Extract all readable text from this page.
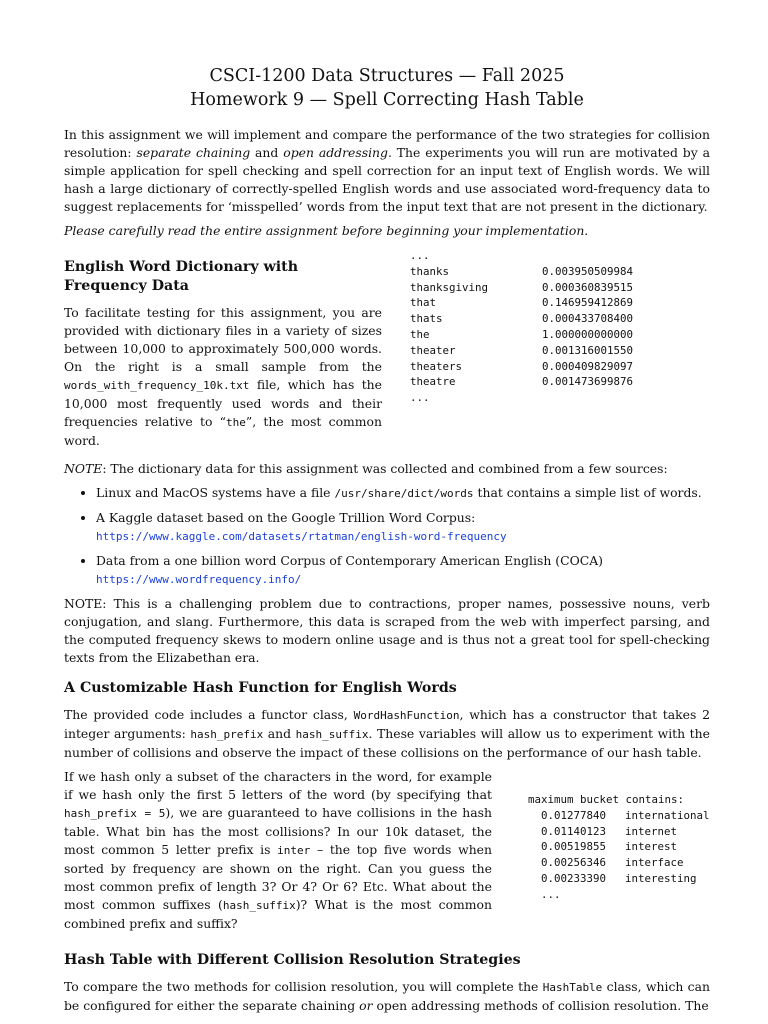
CSCI-1200 Data Structures — Fall 2025
Homework 9 — Spell Correcting Hash Table

In this assignment we will implement and compare the performance of the two strategies for collision resolution: separate chaining and open addressing. The experiments you will run are motivated by a simple application for spell checking and spell correction for an input text of English words. We will hash a large dictionary of correctly-spelled English words and use associated word-frequency data to suggest replacements for ‘misspelled’ words from the input text that are not present in the dictionary.

Please carefully read the entire assignment before beginning your implementation.

English Word Dictionary with Frequency Data

To facilitate testing for this assignment, you are provided with dictionary files in a variety of sizes between 10,000 to approximately 500,000 words. On the right is a small sample from the words_with_frequency_10k.txt file, which has the 10,000 most frequently used words and their frequencies relative to “the”, the most common word.

...
thanks	0.003950509984
thanksgiving	0.000360839515
that	0.146959412869
thats	0.000433708400
the	1.000000000000
theater	0.001316001550
theaters	0.000409829097
theatre	0.001473699876
...

NOTE: The dictionary data for this assignment was collected and combined from a few sources:

• Linux and MacOS systems have a file /usr/share/dict/words that contains a simple list of words.
• A Kaggle dataset based on the Google Trillion Word Corpus:
https://www.kaggle.com/datasets/rtatman/english-word-frequency
• Data from a one billion word Corpus of Contemporary American English (COCA)
https://www.wordfrequency.info/

NOTE: This is a challenging problem due to contractions, proper names, possessive nouns, verb conjugation, and slang. Furthermore, this data is scraped from the web with imperfect parsing, and the computed frequency skews to modern online usage and is thus not a great tool for spell-checking texts from the Elizabethan era.

A Customizable Hash Function for English Words

The provided code includes a functor class, WordHashFunction, which has a constructor that takes 2 integer arguments: hash_prefix and hash_suffix. These variables will allow us to experiment with the number of collisions and observe the impact of these collisions on the performance of our hash table.

If we hash only a subset of the characters in the word, for example if we hash only the first 5 letters of the word (by specifying that hash_prefix = 5), we are guaranteed to have collisions in the hash table. What bin has the most collisions? In our 10k dataset, the most common 5 letter prefix is inter – the top five words when sorted by frequency are shown on the right. Can you guess the most common prefix of length 3? Or 4? Or 6? Etc. What about the most common suffixes (hash_suffix)? What is the most common combined prefix and suffix?

maximum bucket contains:
0.01277840	international
0.01140123	internet
0.00519855	interest
0.00256346	interface
0.00233390	interesting
...
Hash Table with Different Collision Resolution Strategies

To compare the two methods for collision resolution, you will complete the HashTable class, which can be configured for either the separate chaining or open addressing methods of collision resolution. The
